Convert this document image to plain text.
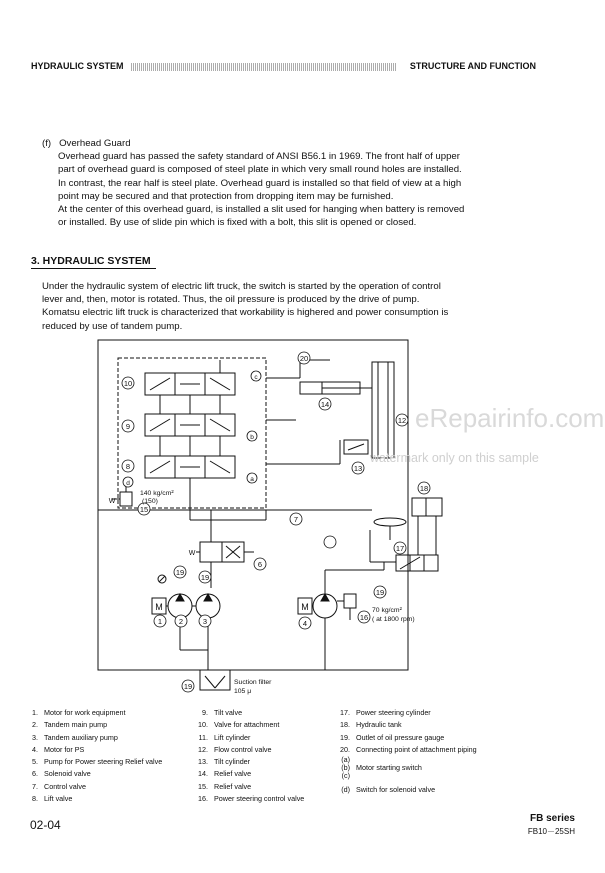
HYDRAULIC SYSTEM	STRUCTURE AND FUNCTION
(f) Overhead Guard
Overhead guard has passed the safety standard of ANSI B56.1 in 1969. The front half of upper
part of overhead guard is composed of steel plate in which very small round holes are installed.
In contrast, the rear half is steel plate. Overhead guard is installed so that field of view at a high
point may be secured and that protection from dropping item may be furnished.
At the center of this overhead guard, is installed a slit used for hanging when battery is removed
or installed. By use of slide pin which is fixed with a bolt, this slit is opened or closed.
3. HYDRAULIC SYSTEM
Under the hydraulic system of electric lift truck, the switch is started by the operation of control
lever and, then, motor is rotated. Thus, the oil pressure is produced by the drive of pump.
Komatsu electric lift truck is characterized that workability is highered and power consumption is
reduced by use of tandem pump.
10
9
8
20
14
12
13
15
7
6
19
19
1 2	3	4
16
19
17
18
19
c
b
a
d
M	M
W
W
140 kg/cm²
(150)
70 kg/cm²
( at 1800 rpm)
Suction filter
105 μ
eRepairinfo.com
watermark only on this sample
1. Motor for work equipment
2. Tandem main pump
3. Tandem auxiliary pump
4. Motor for PS
5. Pump for Power steering Relief valve
6. Solenoid valve
7. Control valve
8. Lift valve
9. Tilt valve
10. Valve for attachment
11. Lift cylinder
12. Flow control valve
13. Tilt cylinder
14. Relief valve
15. Relief valve
16. Power steering control valve
17. Power steering cylinder
18. Hydraulic tank
19. Outlet of oil pressure gauge
20. Connecting point of attachment piping
(a)
(b) Motor starting switch
(c)
(d) Switch for solenoid valve
02-04	FB series
FB10－25SH
